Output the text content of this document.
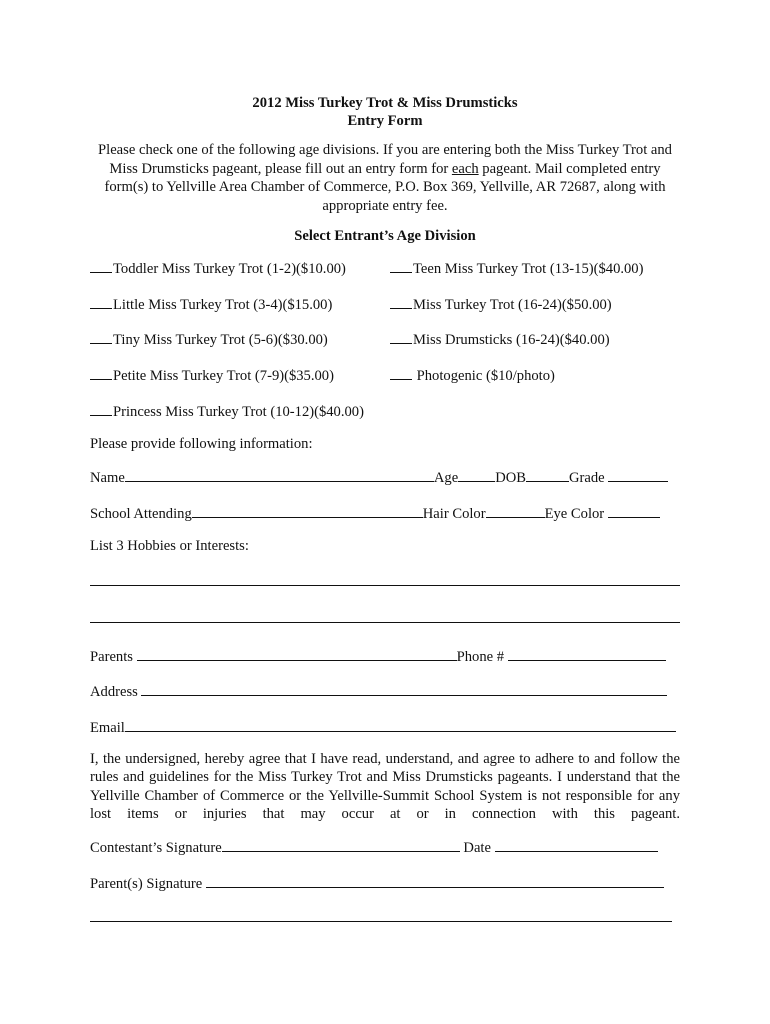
2012 Miss Turkey Trot & Miss Drumsticks
Entry Form
Please check one of the following age divisions. If you are entering both the Miss Turkey Trot and Miss Drumsticks pageant, please fill out an entry form for each pageant. Mail completed entry form(s) to Yellville Area Chamber of Commerce, P.O. Box 369, Yellville, AR 72687, along with appropriate entry fee.
Select Entrant’s Age Division
Toddler Miss Turkey Trot (1-2)($10.00)
Little Miss Turkey Trot (3-4)($15.00)
Tiny Miss Turkey Trot (5-6)($30.00)
Petite Miss Turkey Trot (7-9)($35.00)
Princess Miss Turkey Trot (10-12)($40.00)
Teen Miss Turkey Trot (13-15)($40.00)
Miss Turkey Trot (16-24)($50.00)
Miss Drumsticks (16-24)($40.00)
Photogenic ($10/photo)
Please provide following information:
Name	Age	DOB	Grade
School Attending	Hair Color	Eye Color
List 3 Hobbies or Interests:
Parents	Phone #
Address
Email
I, the undersigned, hereby agree that I have read, understand, and agree to adhere to and follow the rules and guidelines for the Miss Turkey Trot and Miss Drumsticks pageants. I understand that the Yellville Chamber of Commerce or the Yellville-Summit School System is not responsible for any lost items or injuries that may occur at or in connection with this pageant.
Contestant’s Signature	Date
Parent(s) Signature
